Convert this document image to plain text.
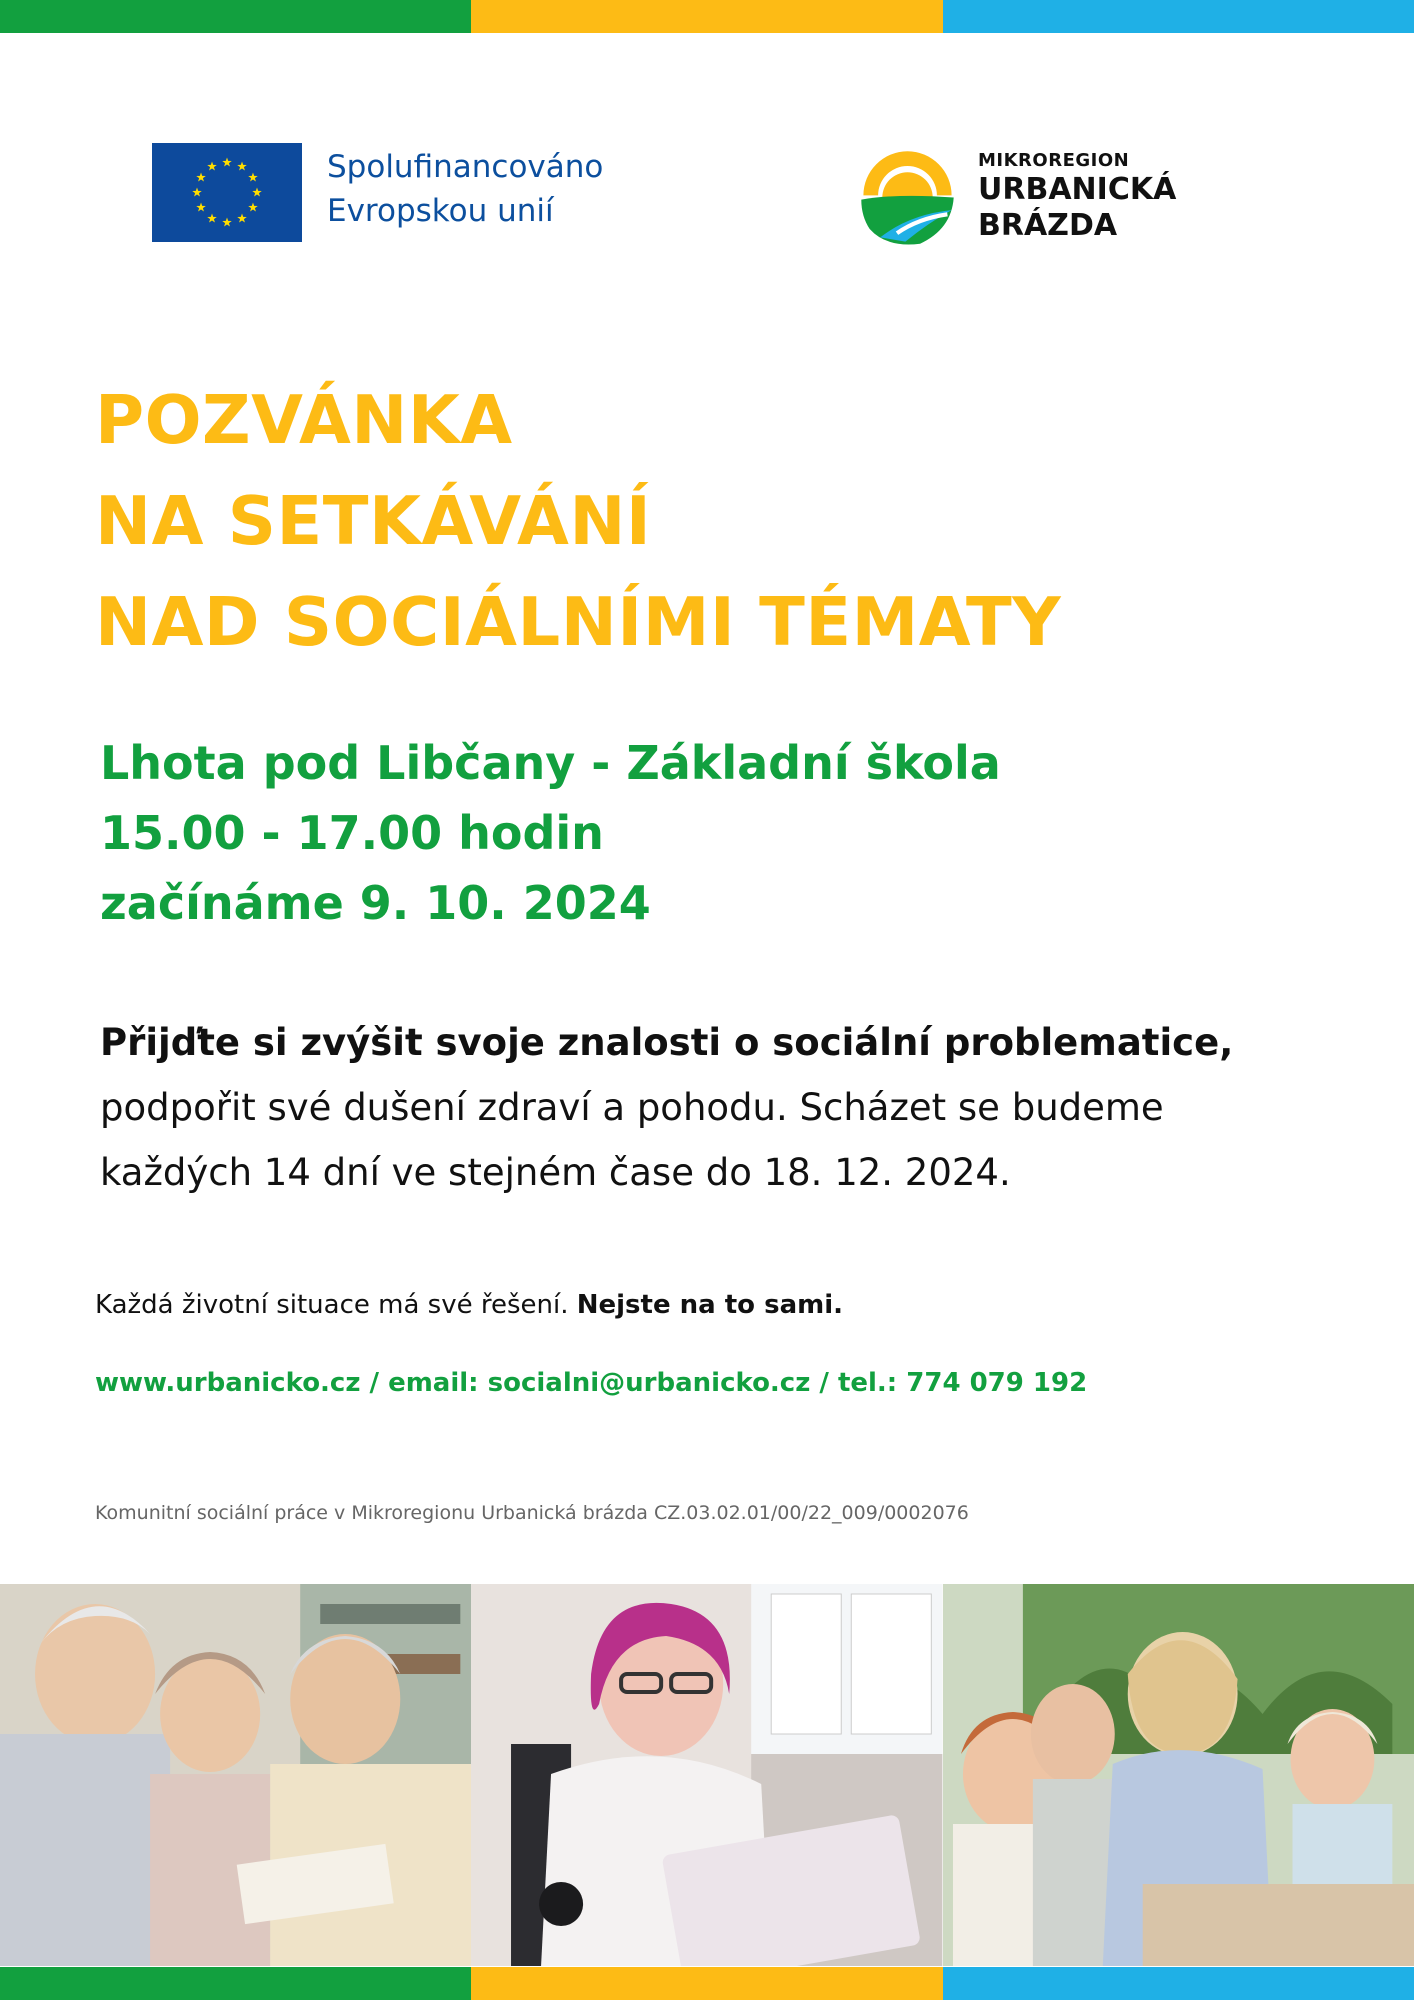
Spolufinancováno
Evropskou unií
MIKROREGION
URBANICKÁ
BRÁZDA
POZVÁNKA
NA SETKÁVÁNÍ
NAD SOCIÁLNÍMI TÉMATY
Lhota pod Libčany - Základní škola
15.00 - 17.00 hodin
začínáme 9. 10. 2024
Přijďte si zvýšit svoje znalosti o sociální problematice,
podpořit své dušení zdraví a pohodu. Scházet se budeme
každých 14 dní ve stejném čase do 18. 12. 2024.
Každá životní situace má své řešení. Nejste na to sami.
www.urbanicko.cz / email: socialni@urbanicko.cz / tel.: 774 079 192
Komunitní sociální práce v Mikroregionu Urbanická brázda CZ.03.02.01/00/22_009/0002076
